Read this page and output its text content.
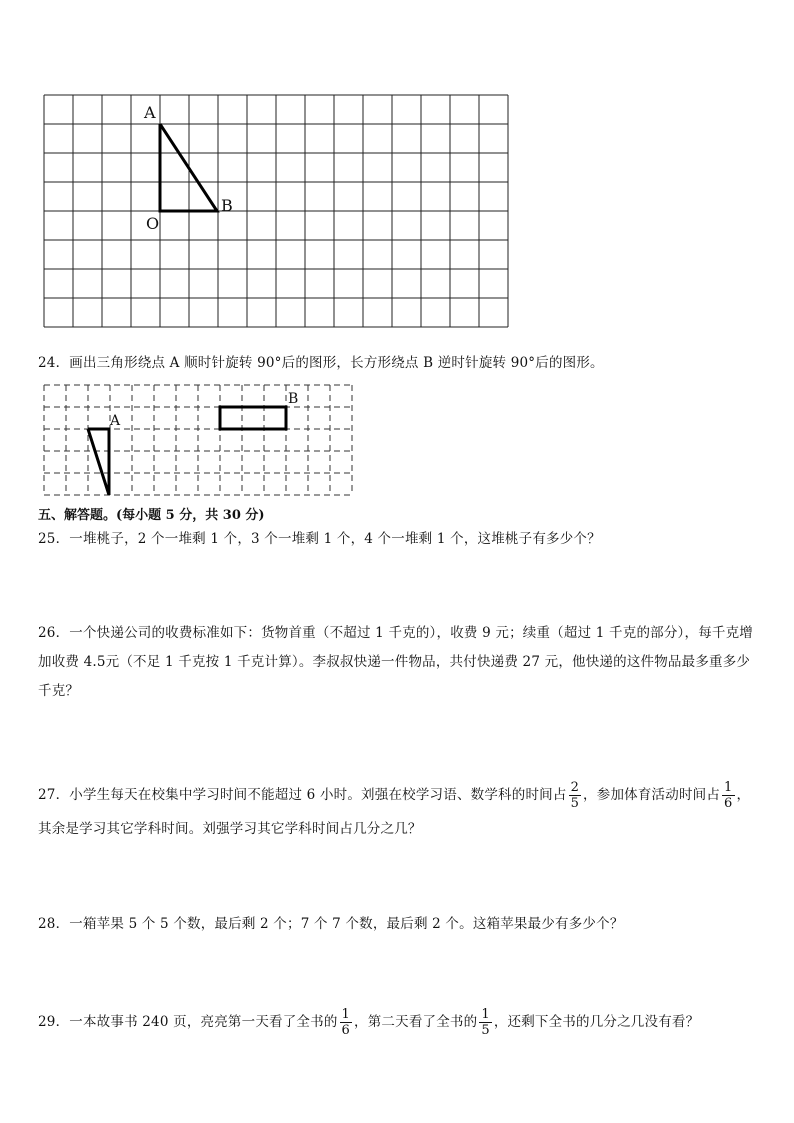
A
B
O
24．画出三角形绕点 A 顺时针旋转 90°后的图形，长方形绕点 B 逆时针旋转 90°后的图形。
A
B
五、解答题。(每小题 5 分，共 30 分)
25．一堆桃子，2 个一堆剩 1 个，3 个一堆剩 1 个，4 个一堆剩 1 个，这堆桃子有多少个？
26．一个快递公司的收费标准如下：货物首重（不超过 1 千克的），收费 9 元；续重（超过 1 千克的部分），每千克增加收费 4.5元（不足 1 千克按 1 千克计算）。李叔叔快递一件物品，共付快递费 27 元，他快递的这件物品最多重多少千克？
27．小学生每天在校集中学习时间不能超过 6 小时。刘强在校学习语、数学科的时间占 $\frac{2}{5}$ ，参加体育活动时间占 $\frac{1}{6}$ ，
其余是学习其它学科时间。刘强学习其它学科时间占几分之几？
28．一箱苹果 5 个 5 个数，最后剩 2 个；7 个 7 个数，最后剩 2 个。这箱苹果最少有多少个？
29．一本故事书 240 页，亮亮第一天看了全书的 $\frac{1}{6}$ ，第二天看了全书的 $\frac{1}{5}$ ，还剩下全书的几分之几没有看？
